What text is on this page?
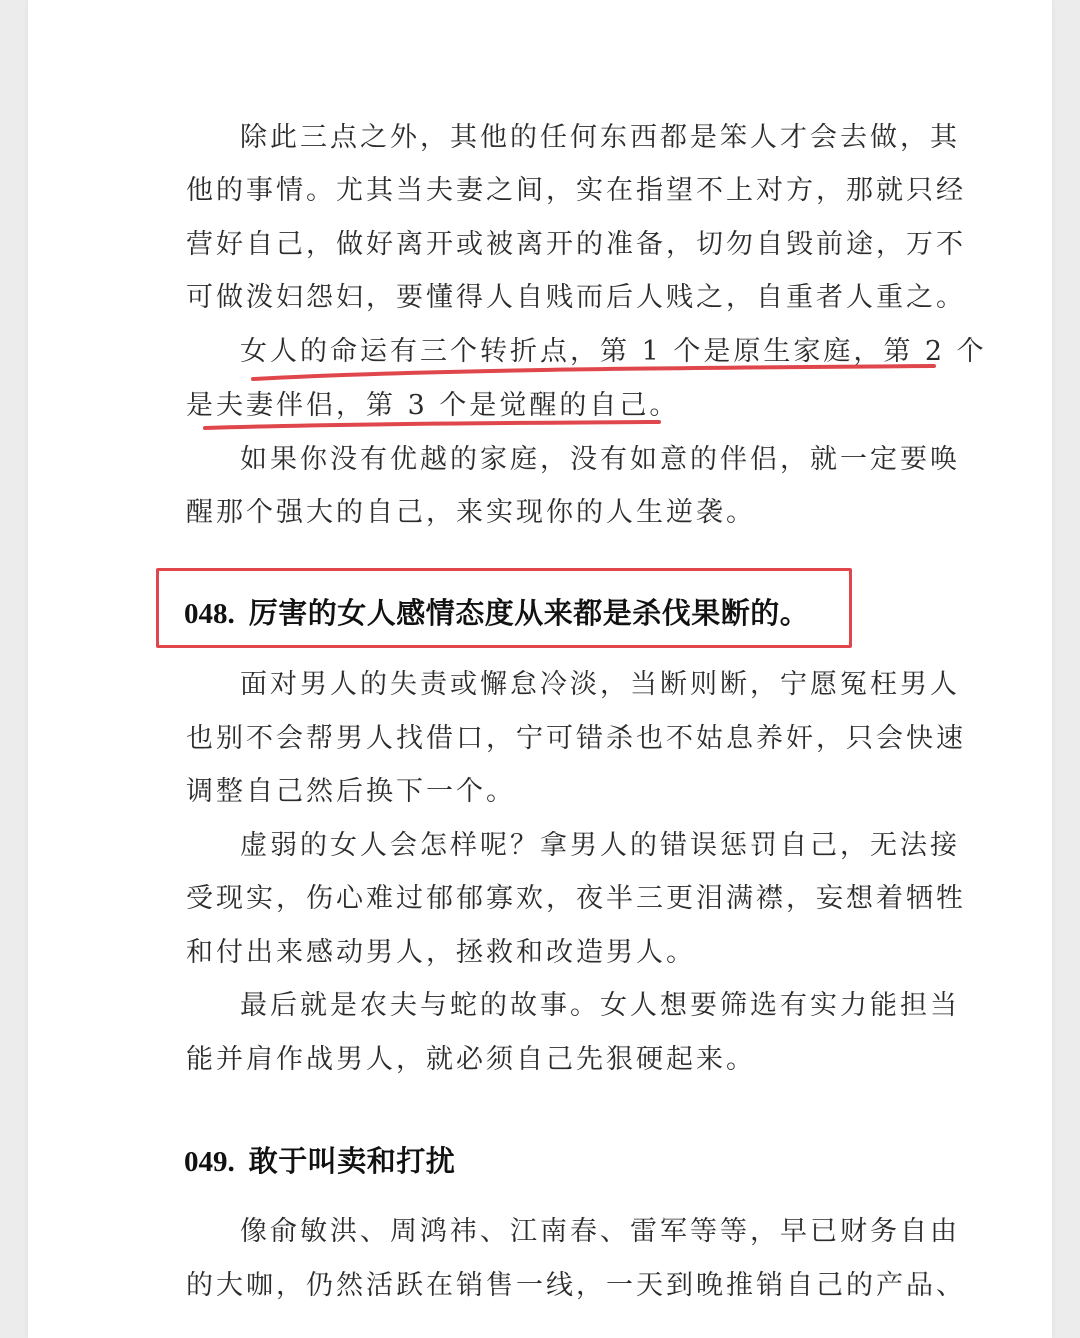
除此三点之外，其他的任何东西都是笨人才会去做，其

他的事情。尤其当夫妻之间，实在指望不上对方，那就只经

营好自己，做好离开或被离开的准备，切勿自毁前途，万不

可做泼妇怨妇，要懂得人自贱而后人贱之，自重者人重之。

女人的命运有三个转折点，第 1 个是原生家庭，第 2 个

是夫妻伴侣，第 3 个是觉醒的自己。

如果你没有优越的家庭，没有如意的伴侣，就一定要唤

醒那个强大的自己，来实现你的人生逆袭。

048. 厉害的女人感情态度从来都是杀伐果断的。

面对男人的失责或懈怠冷淡，当断则断，宁愿冤枉男人

也别不会帮男人找借口，宁可错杀也不姑息养奸，只会快速

调整自己然后换下一个。

虚弱的女人会怎样呢？拿男人的错误惩罚自己，无法接

受现实，伤心难过郁郁寡欢，夜半三更泪满襟，妄想着牺牲

和付出来感动男人，拯救和改造男人。

最后就是农夫与蛇的故事。女人想要筛选有实力能担当

能并肩作战男人，就必须自己先狠硬起来。

049. 敢于叫卖和打扰

像俞敏洪、周鸿祎、江南春、雷军等等，早已财务自由

的大咖，仍然活跃在销售一线，一天到晚推销自己的产品、
